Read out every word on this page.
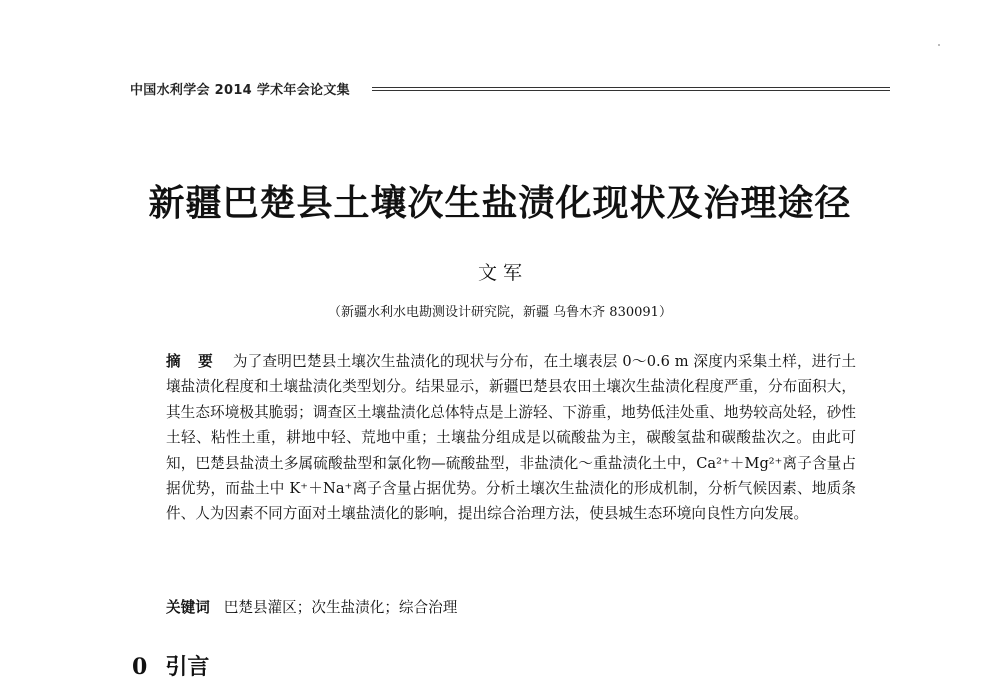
中国水利学会 2014 学术年会论文集
新疆巴楚县土壤次生盐渍化现状及治理途径
文 军
（新疆水利水电勘测设计研究院，新疆 乌鲁木齐 830091）

摘 要 为了查明巴楚县土壤次生盐渍化的现状与分布，在土壤表层 0～0.6 m 深度内采集土样，进行土壤盐渍化程度和土壤盐渍化类型划分。结果显示，新疆巴楚县农田土壤次生盐渍化程度严重，分布面积大，其生态环境极其脆弱；调查区土壤盐渍化总体特点是上游轻、下游重，地势低洼处重、地势较高处轻，砂性土轻、粘性土重，耕地中轻、荒地中重；土壤盐分组成是以硫酸盐为主，碳酸氢盐和碳酸盐次之。由此可知，巴楚县盐渍土多属硫酸盐型和氯化物—硫酸盐型，非盐渍化～重盐渍化土中，Ca²⁺＋Mg²⁺离子含量占据优势，而盐土中 K⁺＋Na⁺离子含量占据优势。分析土壤次生盐渍化的形成机制，分析气候因素、地质条件、人为因素不同方面对土壤盐渍化的影响，提出综合治理方法，使县城生态环境向良性方向发展。

关键词 巴楚县灌区；次生盐渍化；综合治理
0 引言
